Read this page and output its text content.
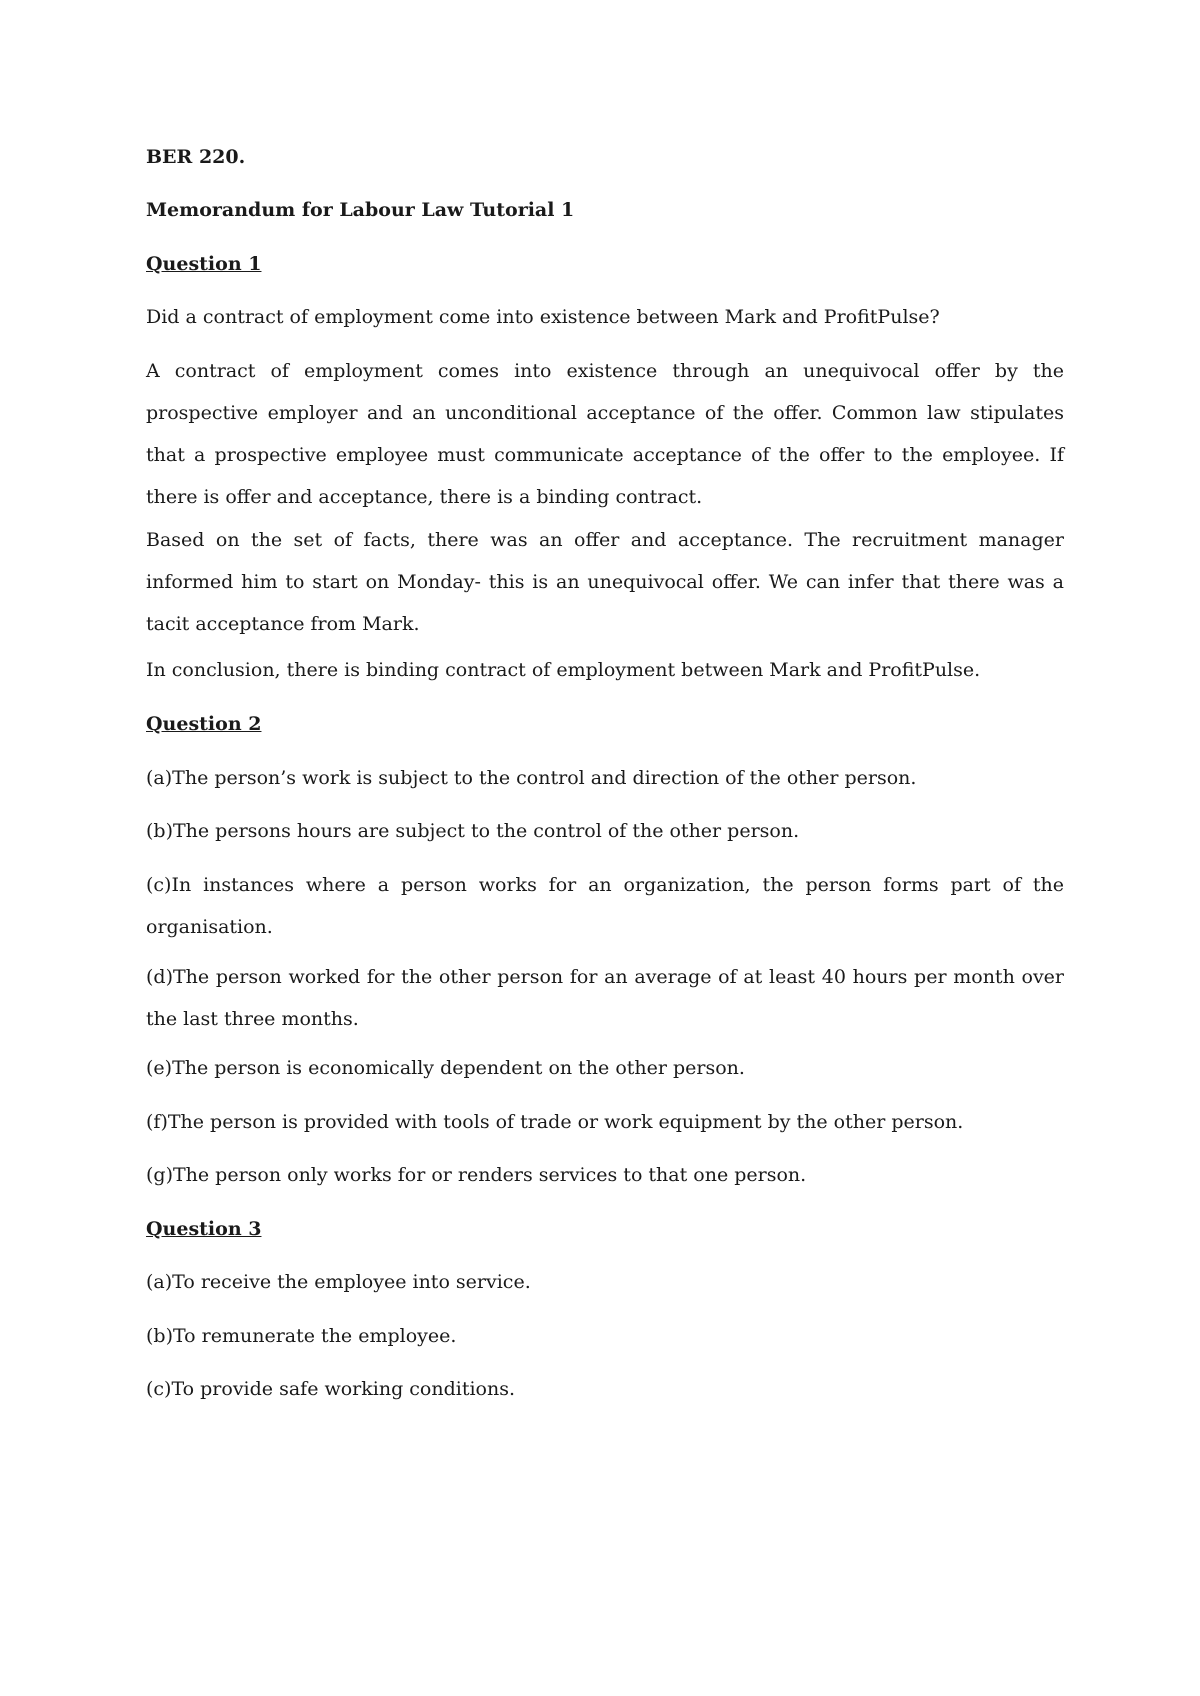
BER 220.

Memorandum for Labour Law Tutorial 1

Question 1

Did a contract of employment come into existence between Mark and ProfitPulse?

A contract of employment comes into existence through an unequivocal offer by the prospective employer and an unconditional acceptance of the offer. Common law stipulates that a prospective employee must communicate acceptance of the offer to the employee. If there is offer and acceptance, there is a binding contract.

Based on the set of facts, there was an offer and acceptance. The recruitment manager informed him to start on Monday- this is an unequivocal offer. We can infer that there was a tacit acceptance from Mark.

In conclusion, there is binding contract of employment between Mark and ProfitPulse.

Question 2

(a)The person’s work is subject to the control and direction of the other person.

(b)The persons hours are subject to the control of the other person.

(c)In instances where a person works for an organization, the person forms part of the organisation.

(d)The person worked for the other person for an average of at least 40 hours per month over the last three months.

(e)The person is economically dependent on the other person.

(f)The person is provided with tools of trade or work equipment by the other person.

(g)The person only works for or renders services to that one person.

Question 3

(a)To receive the employee into service.

(b)To remunerate the employee.

(c)To provide safe working conditions.
